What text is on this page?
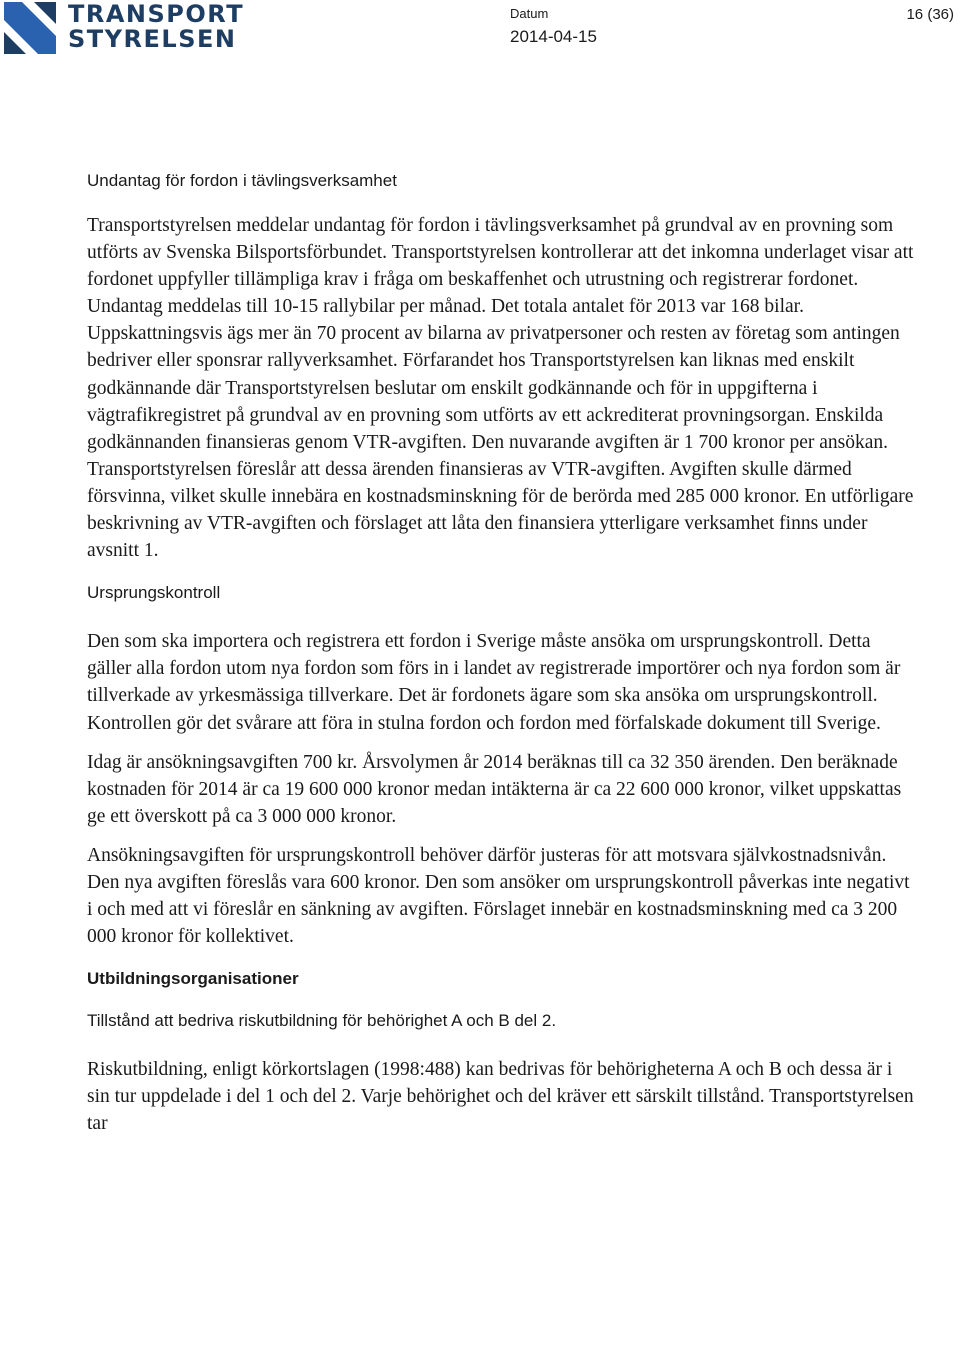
TRANSPORT
STYRELSEN
Datum
2014-04-15
16 (36)
Undantag för fordon i tävlingsverksamhet

Transportstyrelsen meddelar undantag för fordon i tävlingsverksamhet på grundval av en provning som utförts av Svenska Bilsportsförbundet. Transportstyrelsen kontrollerar att det inkomna underlaget visar att fordonet uppfyller tillämpliga krav i fråga om beskaffenhet och utrustning och registrerar fordonet. Undantag meddelas till 10-15 rallybilar per månad. Det totala antalet för 2013 var 168 bilar. Uppskattningsvis ägs mer än 70 procent av bilarna av privatpersoner och resten av företag som antingen bedriver eller sponsrar rallyverksamhet. Förfarandet hos Transportstyrelsen kan liknas med enskilt godkännande där Transportstyrelsen beslutar om enskilt godkännande och för in uppgifterna i vägtrafikregistret på grundval av en provning som utförts av ett ackrediterat provningsorgan. Enskilda godkännanden finansieras genom VTR-avgiften. Den nuvarande avgiften är 1 700 kronor per ansökan. Transportstyrelsen föreslår att dessa ärenden finansieras av VTR-avgiften. Avgiften skulle därmed försvinna, vilket skulle innebära en kostnadsminskning för de berörda med 285 000 kronor. En utförligare beskrivning av VTR-avgiften och förslaget att låta den finansiera ytterligare verksamhet finns under avsnitt 1.

Ursprungskontroll

Den som ska importera och registrera ett fordon i Sverige måste ansöka om ursprungskontroll. Detta gäller alla fordon utom nya fordon som förs in i landet av registrerade importörer och nya fordon som är tillverkade av yrkesmässiga tillverkare. Det är fordonets ägare som ska ansöka om ursprungskontroll. Kontrollen gör det svårare att föra in stulna fordon och fordon med förfalskade dokument till Sverige.

Idag är ansökningsavgiften 700 kr. Årsvolymen år 2014 beräknas till ca 32 350 ärenden. Den beräknade kostnaden för 2014 är ca 19 600 000 kronor medan intäkterna är ca 22 600 000 kronor, vilket uppskattas ge ett överskott på ca 3 000 000 kronor.

Ansökningsavgiften för ursprungskontroll behöver därför justeras för att motsvara självkostnadsnivån. Den nya avgiften föreslås vara 600 kronor. Den som ansöker om ursprungskontroll påverkas inte negativt i och med att vi föreslår en sänkning av avgiften. Förslaget innebär en kostnadsminskning med ca 3 200 000 kronor för kollektivet.

Utbildningsorganisationer
Tillstånd att bedriva riskutbildning för behörighet A och B del 2.

Riskutbildning, enligt körkortslagen (1998:488) kan bedrivas för behörigheterna A och B och dessa är i sin tur uppdelade i del 1 och del 2. Varje behörighet och del kräver ett särskilt tillstånd. Transportstyrelsen tar
